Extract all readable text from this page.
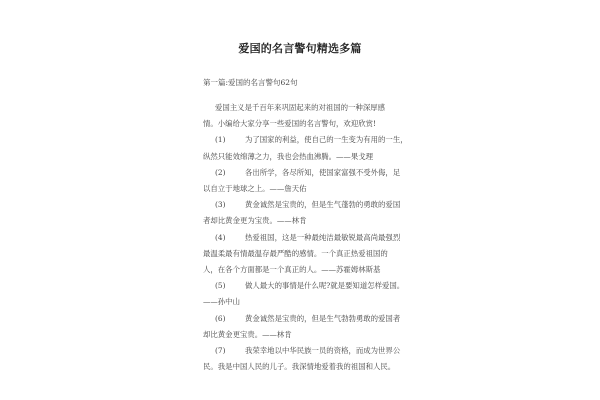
爱国的名言警句精选多篇
第一篇:爱国的名言警句62句

爱国主义是千百年来巩固起来的对祖国的一种深厚感
情。小编给大家分享一些爱国的名言警句，欢迎欣赏!

(1)	为了国家的利益，使自己的一生变为有用的一生，
纵然只能效绵薄之力，我也会热血沸腾。——果戈理

(2)	各出所学，各尽所知，使国家富强不受外侮，足
以自立于地球之上。——詹天佑

(3)	黄金诚然是宝贵的，但是生气蓬勃的勇敢的爱国
者却比黄金更为宝贵。——林肯

(4)	热爱祖国，这是一种最纯洁最敏锐最高尚最强烈
最温柔最有情最温存最严酷的感情。一个真正热爱祖国的
人，在各个方面都是一个真正的人。——苏霍姆林斯基

(5)	做人最大的事情是什么呢?就是要知道怎样爱国。
——孙中山

(6)	黄金诚然是宝贵的，但是生气勃勃勇敢的爱国者
却比黄金更宝贵。——林肯

(7)	我荣幸地以中华民族一员的资格，而成为世界公
民。我是中国人民的儿子。我深情地爱着我的祖国和人民。
